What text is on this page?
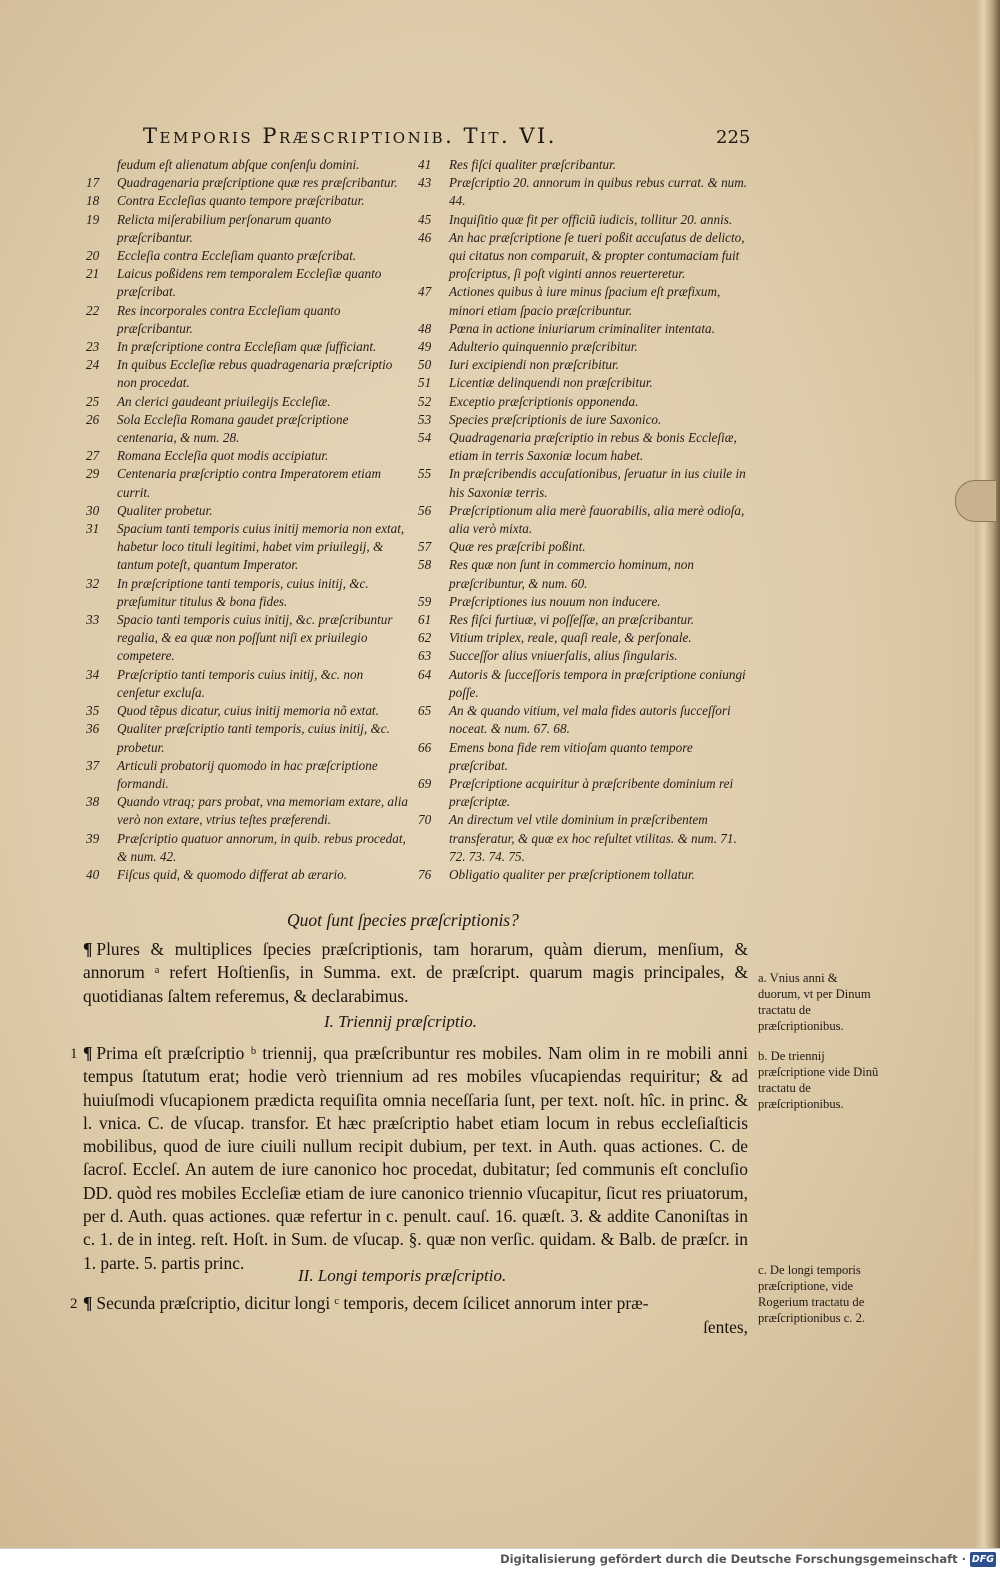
Temporis Præscriptionib. Tit. VI.	225
feudum eſt alienatum abſque conſenſu domini.
17	Quadragenaria præſcriptione quæ res præſcribantur.
18	Contra Eccleſias quanto tempore præſcribatur.
19	Relicta miſerabilium perſonarum quanto præſcribantur.
20	Eccleſia contra Eccleſiam quanto præſcribat.
21	Laicus poßidens rem temporalem Eccleſiæ quanto præſcribat.
22	Res incorporales contra Eccleſiam quanto præſcribantur.
23	In præſcriptione contra Eccleſiam quæ ſufficiant.
24	In quibus Eccleſiæ rebus quadragenaria præſcriptio non procedat.
25	An clerici gaudeant priuilegijs Eccleſiæ.
26	Sola Eccleſia Romana gaudet præſcriptione centenaria, & num. 28.
27	Romana Eccleſia quot modis accipiatur.
29	Centenaria præſcriptio contra Imperatorem etiam currit.
30	Qualiter probetur.
31	Spacium tanti temporis cuius initij memoria non extat, habetur loco tituli legitimi, habet vim priuilegij, & tantum poteſt, quantum Imperator.
32	In præſcriptione tanti temporis, cuius initij, &c. præſumitur titulus & bona fides.
33	Spacio tanti temporis cuius initij, &c. præſcribuntur regalia, & ea quæ non poſſunt niſi ex priuilegio competere.
34	Præſcriptio tanti temporis cuius initij, &c. non cenſetur excluſa.
35	Quod tẽpus dicatur, cuius initij memoria nõ extat.
36	Qualiter præſcriptio tanti temporis, cuius initij, &c. probetur.
37	Articuli probatorij quomodo in hac præſcriptione formandi.
38	Quando vtraq; pars probat, vna memoriam extare, alia verò non extare, vtrius teſtes præferendi.
39	Præſcriptio quatuor annorum, in quib. rebus procedat, & num. 42.
40	Fiſcus quid, & quomodo differat ab ærario.
41	Res fiſci qualiter præſcribantur.
43	Præſcriptio 20. annorum in quibus rebus currat. & num. 44.
45	Inquiſitio quæ fit per officiũ iudicis, tollitur 20. annis.
46	An hac præſcriptione ſe tueri poßit accuſatus de delicto, qui citatus non comparuit, & propter contumaciam fuit proſcriptus, ſi poſt viginti annos reuerteretur.
47	Actiones quibus à iure minus ſpacium eſt præfixum, minori etiam ſpacio præſcribuntur.
48	Pœna in actione iniuriarum criminaliter intentata.
49	Adulterio quinquennio præſcribitur.
50	Iuri excipiendi non præſcribitur.
51	Licentiæ delinquendi non præſcribitur.
52	Exceptio præſcriptionis opponenda.
53	Species præſcriptionis de iure Saxonico.
54	Quadragenaria præſcriptio in rebus & bonis Eccleſiæ, etiam in terris Saxoniæ locum habet.
55	In præſcribendis accuſationibus, ſeruatur in ius ciuile in his Saxoniæ terris.
56	Præſcriptionum alia merè fauorabilis, alia merè odioſa, alia verò mixta.
57	Quæ res præſcribi poßint.
58	Res quæ non ſunt in commercio hominum, non præſcribuntur, & num. 60.
59	Præſcriptiones ius nouum non inducere.
61	Res fiſci furtiuæ, vi poſſeſſæ, an præſcribantur.
62	Vitium triplex, reale, quaſi reale, & perſonale.
63	Succeſſor alius vniuerſalis, alius ſingularis.
64	Autoris & ſucceſſoris tempora in præſcriptione coniungi poſſe.
65	An & quando vitium, vel mala fides autoris ſucceſſori noceat. & num. 67. 68.
66	Emens bona fide rem vitioſam quanto tempore præſcribat.
69	Præſcriptione acquiritur à præſcribente dominium rei præſcriptæ.
70	An directum vel vtile dominium in præſcribentem transferatur, & quæ ex hoc reſultet vtilitas. & num. 71. 72. 73. 74. 75.
76	Obligatio qualiter per præſcriptionem tollatur.
Quot ſunt ſpecies præſcriptionis?
¶ Plures & multiplices ſpecies præſcriptionis, tam horarum, quàm dierum, menſium, & annorum ᵃ refert Hoſtienſis, in Summa. ext. de præſcript. quarum magis principales, & quotidianas ſaltem referemus, & declarabimus.
I. Triennij præſcriptio.
1 ¶ Prima eſt præſcriptio ᵇ triennij, qua præſcribuntur res mobiles. Nam olim in re mobili anni tempus ſtatutum erat; hodie verò triennium ad res mobiles vſucapiendas requiritur; & ad huiuſmodi vſucapionem prædicta requiſita omnia neceſſaria ſunt, per text. noſt. hîc. in princ. & l. vnica. C. de vſucap. transfor. Et hæc præſcriptio habet etiam locum in rebus eccleſiaſticis mobilibus, quod de iure ciuili nullum recipit dubium, per text. in Auth. quas actiones. C. de ſacroſ. Eccleſ. An autem de iure canonico hoc procedat, dubitatur; ſed communis eſt concluſio DD. quòd res mobiles Eccleſiæ etiam de iure canonico triennio vſucapitur, ſicut res priuatorum, per d. Auth. quas actiones. quæ refertur in c. penult. cauſ. 16. quæſt. 3. & addite Canoniſtas in c. 1. de in integ. reſt. Hoſt. in Sum. de vſucap. §. quæ non verſic. quidam. & Balb. de præſcr. in 1. parte. 5. partis princ.
II. Longi temporis præſcriptio.
2 ¶ Secunda præſcriptio, dicitur longi ᶜ temporis, decem ſcilicet annorum inter præ-
ſentes,
a. Vnius anni & duorum, vt per Dinum tractatu de præſcriptionibus.
b. De triennij præſcriptione vide Dinũ tractatu de præſcriptionibus.
c. De longi temporis præſcriptione, vide Rogerium tractatu de præſcriptionibus c. 2.
Digitalisierung gefördert durch die Deutsche Forschungsgemeinschaft · DFG
